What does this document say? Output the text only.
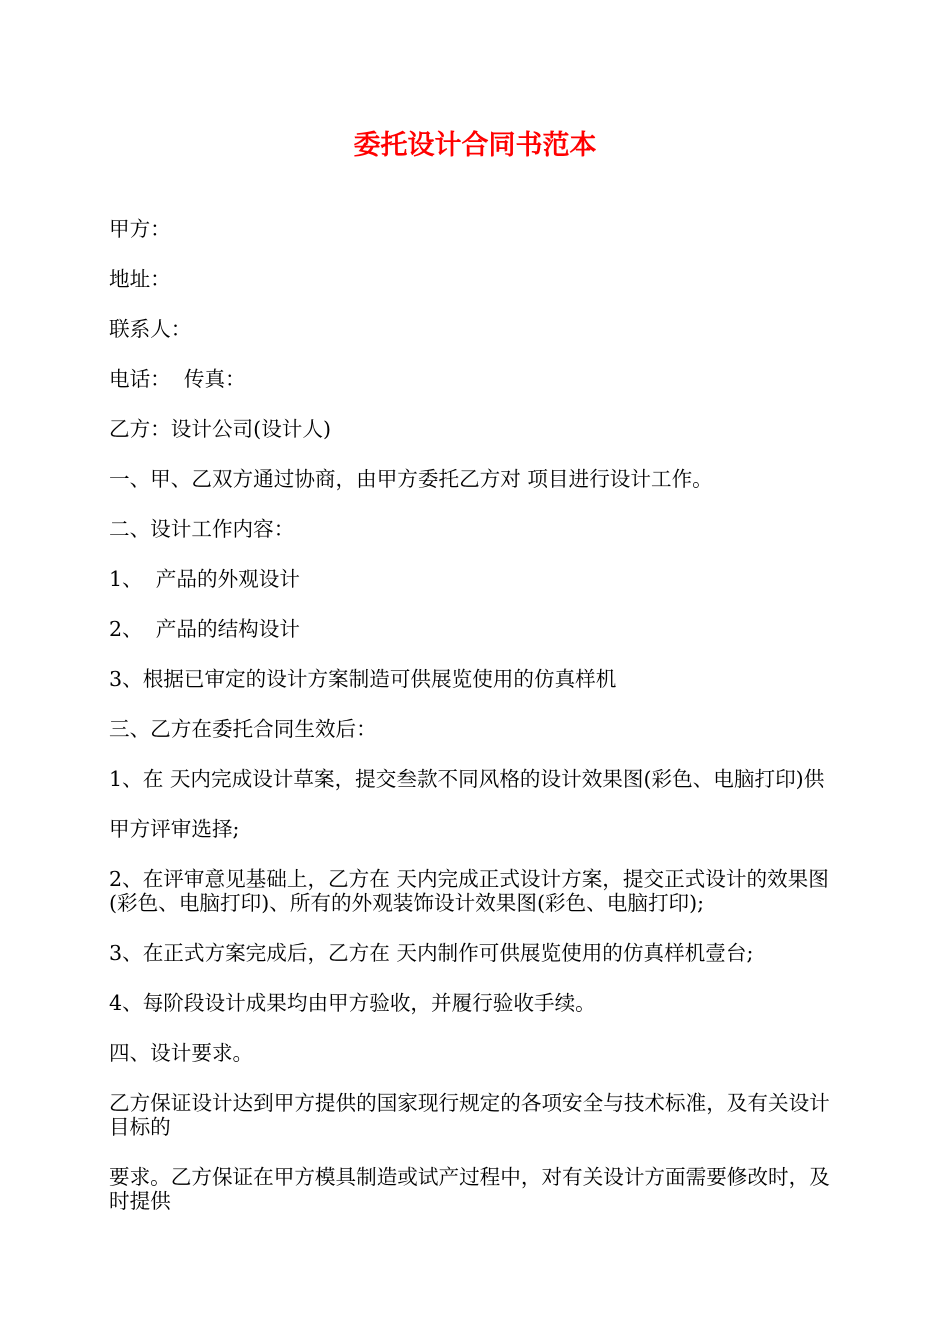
委托设计合同书范本

甲方：

地址：

联系人：

电话：  传真：

乙方：设计公司(设计人)

一、甲、乙双方通过协商，由甲方委托乙方对 项目进行设计工作。

二、设计工作内容：

1、  产品的外观设计

2、  产品的结构设计

3、根据已审定的设计方案制造可供展览使用的仿真样机

三、乙方在委托合同生效后：

1、在 天内完成设计草案，提交叁款不同风格的设计效果图(彩色、电脑打印)供

甲方评审选择;

2、在评审意见基础上，乙方在 天内完成正式设计方案，提交正式设计的效果图(彩色、电脑打印)、所有的外观装饰设计效果图(彩色、电脑打印);

3、在正式方案完成后，乙方在 天内制作可供展览使用的仿真样机壹台;

4、每阶段设计成果均由甲方验收，并履行验收手续。

四、设计要求。

乙方保证设计达到甲方提供的国家现行规定的各项安全与技术标准，及有关设计目标的

要求。乙方保证在甲方模具制造或试产过程中，对有关设计方面需要修改时，及时提供
